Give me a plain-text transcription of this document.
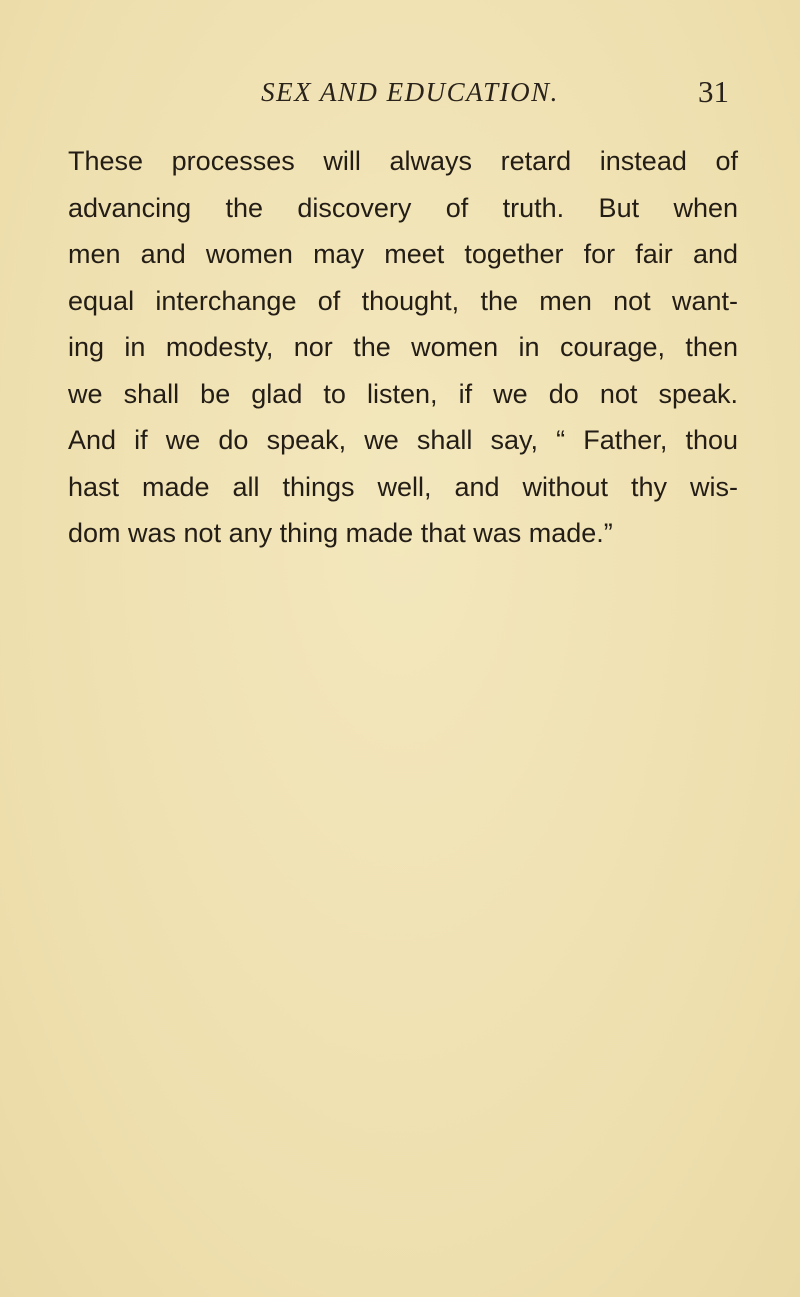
SEX AND EDUCATION.	31
These processes will always retard instead of
advancing the discovery of truth. But when
men and women may meet together for fair and
equal interchange of thought, the men not want-
ing in modesty, nor the women in courage, then
we shall be glad to listen, if we do not speak.
And if we do speak, we shall say, “ Father, thou
hast made all things well, and without thy wis-
dom was not any thing made that was made.”
